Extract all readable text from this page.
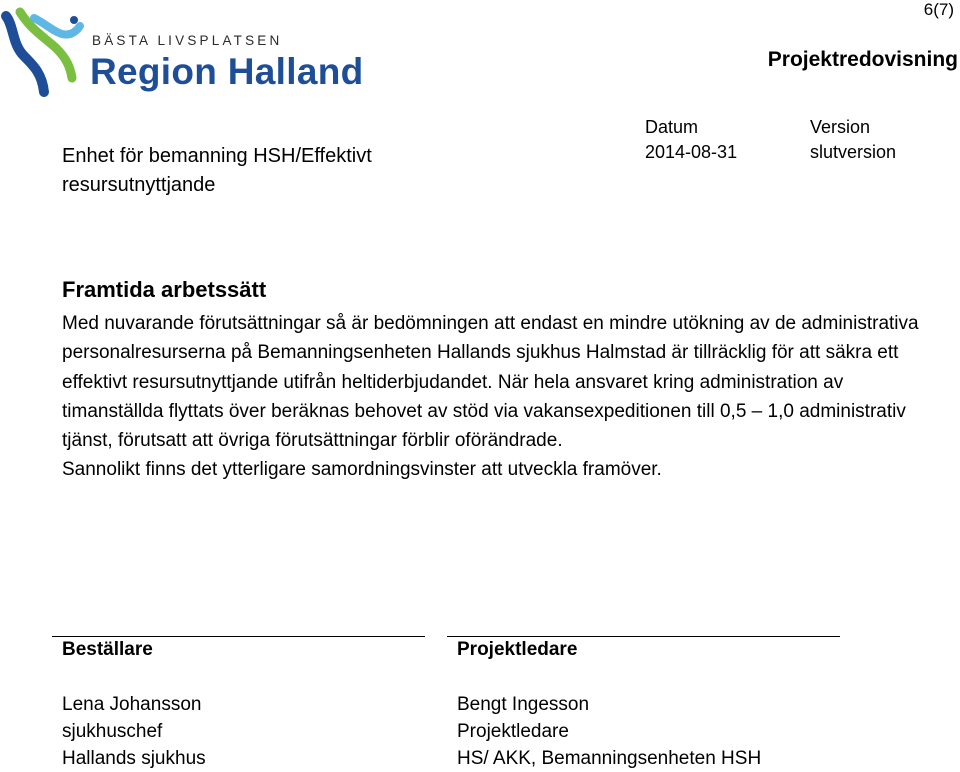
BÄSTA LIVSPLATSEN
Region Halland
6(7)
Projektredovisning
Enhet för bemanning HSH/Effektivt resursutnyttjande
Datum
2014-08-31
Version
slutversion
Framtida arbetssätt

Med nuvarande förutsättningar så är bedömningen att endast en mindre utökning av de administrativa personalresurserna på Bemanningsenheten Hallands sjukhus Halmstad är tillräcklig för att säkra ett effektivt resursutnyttjande utifrån heltiderbjudandet. När hela ansvaret kring administration av timanställda flyttats över beräknas behovet av stöd via vakansexpeditionen till 0,5 – 1,0 administrativ tjänst, förutsatt att övriga förutsättningar förblir oförändrade.

Sannolikt finns det ytterligare samordningsvinster att utveckla framöver.

Beställare	Projektledare
Lena Johansson
sjukhuschef
Hallands sjukhus
Bengt Ingesson
Projektledare
HS/ AKK, Bemanningsenheten HSH
